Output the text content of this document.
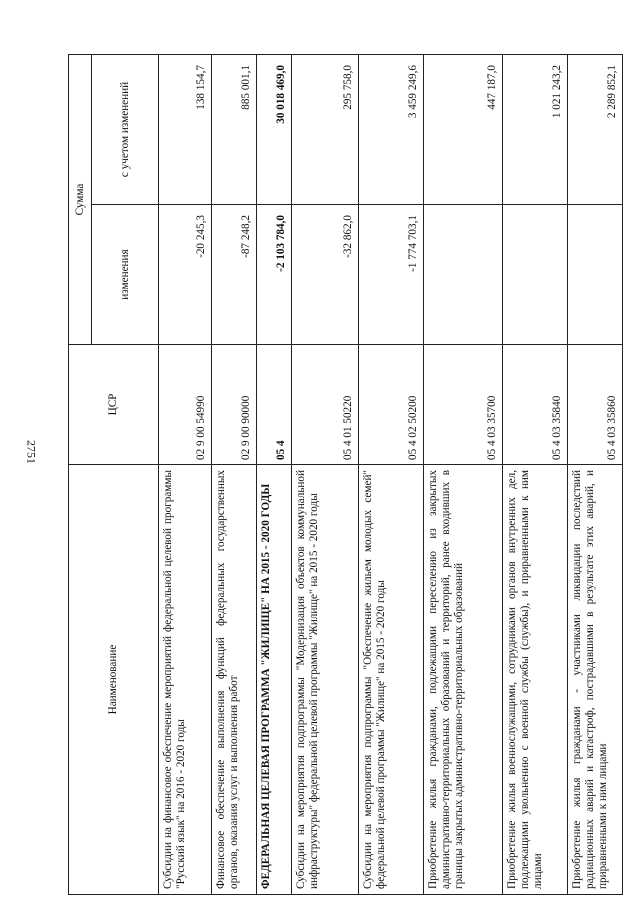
2751
Наименование	ЦСР	Сумма	
		изменения	с учетом изменений
Субсидии на финансовое обеспечение мероприятий федеральной целевой программы "Русский язык" на 2016 - 2020 годы	02 9 00 54990	-20 245,3	138 154,7
Финансовое обеспечение выполнения функций федеральных государственных органов, оказания услуг и выполнения работ	02 9 00 90000	-87 248,2	885 001,1
ФЕДЕРАЛЬНАЯ ЦЕЛЕВАЯ ПРОГРАММА "ЖИЛИЩЕ" НА 2015 - 2020 ГОДЫ	05 4	-2 103 784,0	30 018 469,0
Субсидии на мероприятия подпрограммы "Модернизация объектов коммунальной инфраструктуры" федеральной целевой программы "Жилище" на 2015 - 2020 годы	05 4 01 50220	-32 862,0	295 758,0
Субсидии на мероприятия подпрограммы "Обеспечение жильем молодых семей" федеральной целевой программы "Жилище" на 2015 - 2020 годы	05 4 02 50200	-1 774 703,1	3 459 249,6
Приобретение жилья гражданами, подлежащими переселению из закрытых административно-территориальных образований и территорий, ранее входивших в границы закрытых административно-территориальных образований	05 4 03 35700		447 187,0
Приобретение жилья военнослужащими, сотрудниками органов внутренних дел, подлежащими увольнению с военной службы (службы), и приравненными к ним лицами	05 4 03 35840		1 021 243,2
Приобретение жилья гражданами - участниками ликвидации последствий радиационных аварий и катастроф, пострадавшими в результате этих аварий, и приравненными к ним лицами	05 4 03 35860		2 289 852,1
